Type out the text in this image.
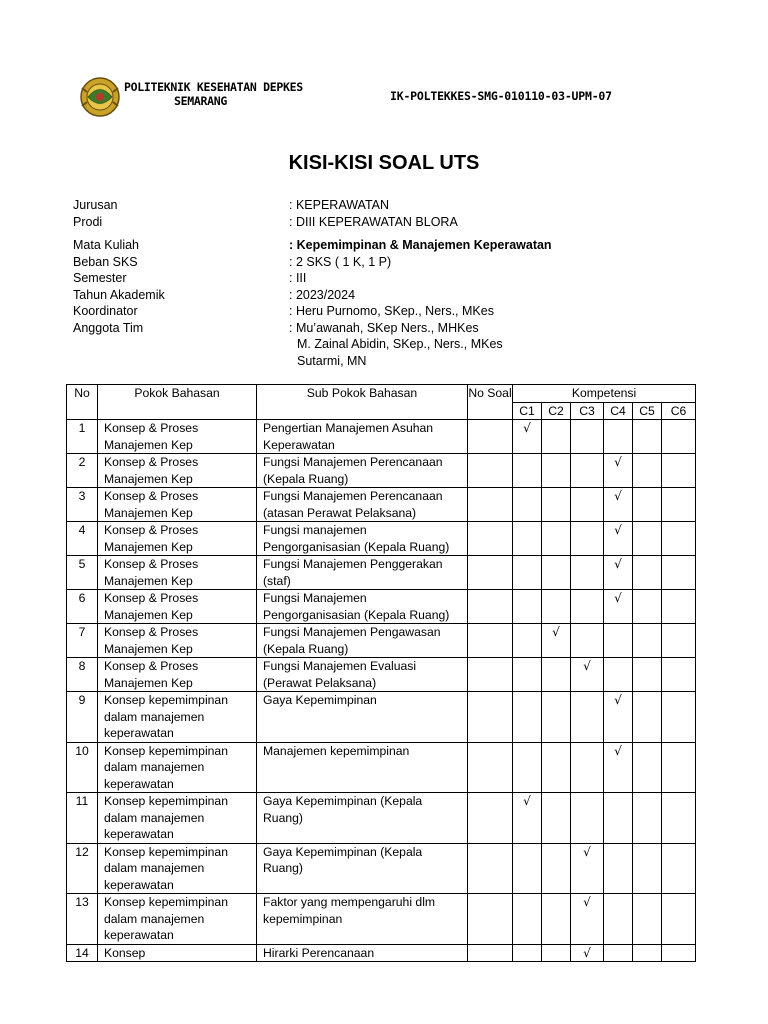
POLITEKNIK KESEHATAN DEPKES
SEMARANG	IK-POLTEKKES-SMG-010110-03-UPM-07
KISI-KISI SOAL UTS
Jurusan	: KEPERAWATAN
Prodi	: DIII KEPERAWATAN BLORA
Mata Kuliah	: Kepemimpinan & Manajemen Keperawatan
Beban SKS	: 2 SKS ( 1 K, 1 P)
Semester	: III
Tahun Akademik	: 2023/2024
Koordinator	: Heru Purnomo, SKep., Ners., MKes
Anggota Tim	: Mu’awanah, SKep Ners., MHKes
M. Zainal Abidin, SKep., Ners., MKes
Sutarmi, MN
No	Pokok Bahasan	Sub Pokok Bahasan	No Soal	Kompetensi					
				C1	C2	C3	C4	C5	C6
1	Konsep & Proses Manajemen Kep	Pengertian Manajemen Asuhan Keperawatan		√					
2	Konsep & Proses Manajemen Kep	Fungsi Manajemen Perencanaan (Kepala Ruang)					√		
3	Konsep & Proses Manajemen Kep	Fungsi Manajemen Perencanaan (atasan Perawat Pelaksana)					√		
4	Konsep & Proses Manajemen Kep	Fungsi manajemen Pengorganisasian (Kepala Ruang)					√		
5	Konsep & Proses Manajemen Kep	Fungsi Manajemen Penggerakan (staf)					√		
6	Konsep & Proses Manajemen Kep	Fungsi Manajemen Pengorganisasian (Kepala Ruang)					√		
7	Konsep & Proses Manajemen Kep	Fungsi Manajemen Pengawasan (Kepala Ruang)			√				
8	Konsep & Proses Manajemen Kep	Fungsi Manajemen Evaluasi (Perawat Pelaksana)				√			
9	Konsep kepemimpinan dalam manajemen keperawatan	Gaya Kepemimpinan					√		
10	Konsep kepemimpinan dalam manajemen keperawatan	Manajemen kepemimpinan					√		
11	Konsep kepemimpinan dalam manajemen keperawatan	Gaya Kepemimpinan (Kepala Ruang)		√					
12	Konsep kepemimpinan dalam manajemen keperawatan	Gaya Kepemimpinan (Kepala Ruang)				√			
13	Konsep kepemimpinan dalam manajemen keperawatan	Faktor yang mempengaruhi dlm kepemimpinan				√			
14	Konsep	Hirarki Perencanaan				√			
